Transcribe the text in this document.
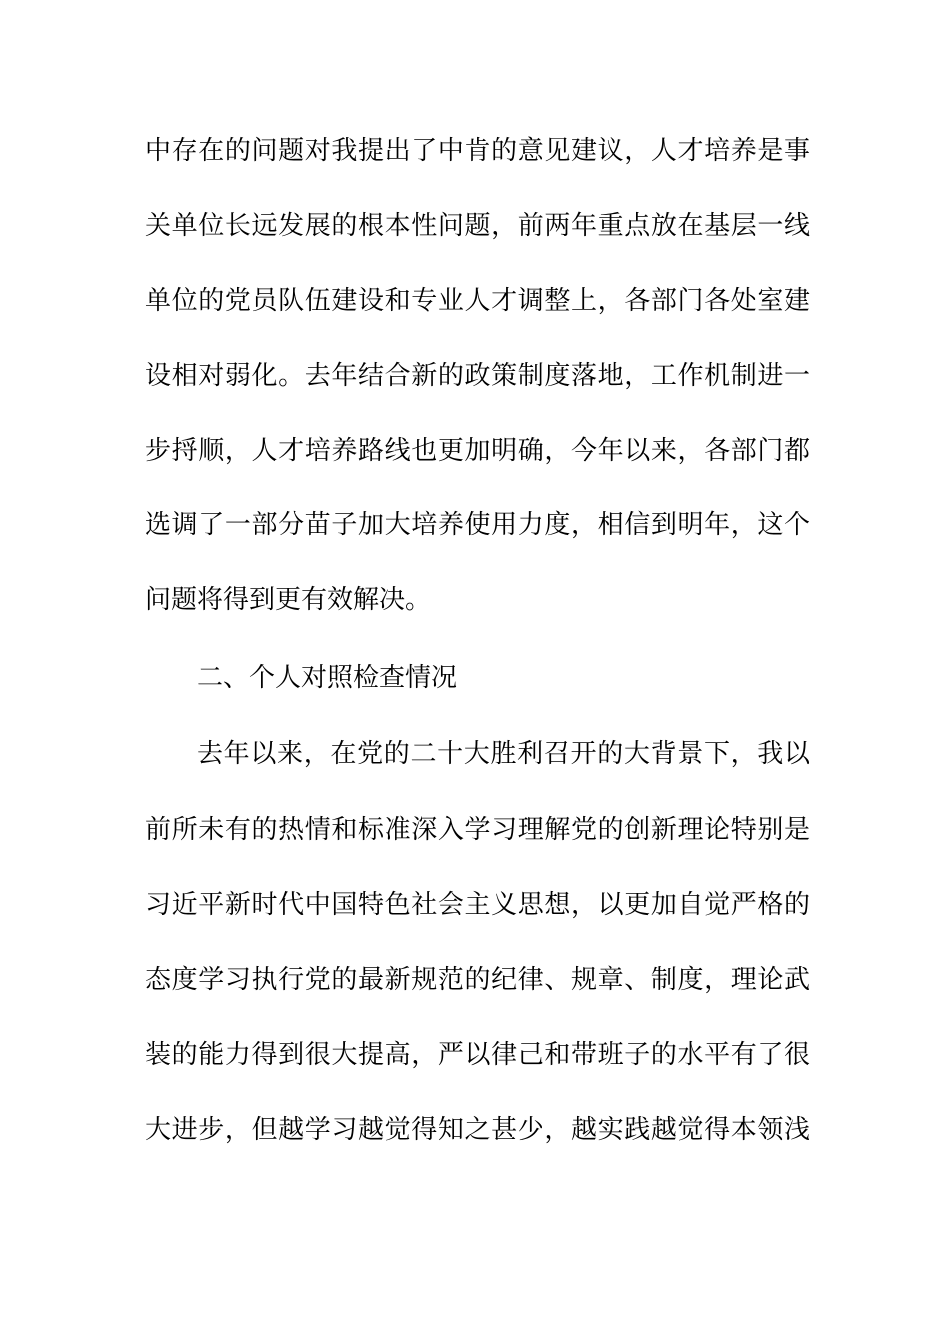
中存在的问题对我提出了中肯的意见建议，人才培养是事
关单位长远发展的根本性问题，前两年重点放在基层一线
单位的党员队伍建设和专业人才调整上，各部门各处室建
设相对弱化。去年结合新的政策制度落地，工作机制进一
步捋顺，人才培养路线也更加明确，今年以来，各部门都
选调了一部分苗子加大培养使用力度，相信到明年，这个
问题将得到更有效解决。
二、个人对照检查情况
去年以来，在党的二十大胜利召开的大背景下，我以
前所未有的热情和标准深入学习理解党的创新理论特别是
习近平新时代中国特色社会主义思想，以更加自觉严格的
态度学习执行党的最新规范的纪律、规章、制度，理论武
装的能力得到很大提高，严以律己和带班子的水平有了很
大进步，但越学习越觉得知之甚少，越实践越觉得本领浅
